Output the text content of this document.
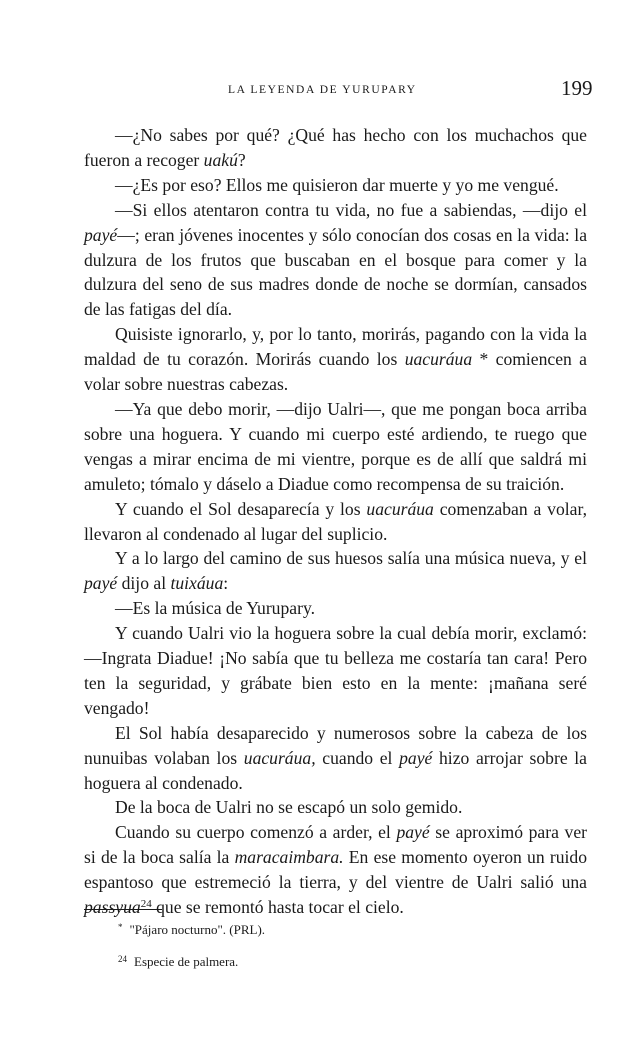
LA LEYENDA DE YURUPARY	199

—¿No sabes por qué? ¿Qué has hecho con los muchachos que fueron a recoger uakú?

—¿Es por eso? Ellos me quisieron dar muerte y yo me vengué.

—Si ellos atentaron contra tu vida, no fue a sabiendas, —dijo el payé—; eran jóvenes inocentes y sólo conocían dos cosas en la vida: la dulzura de los frutos que buscaban en el bosque para comer y la dulzura del seno de sus madres donde de noche se dormían, cansados de las fatigas del día.

Quisiste ignorarlo, y, por lo tanto, morirás, pagando con la vida la maldad de tu corazón. Morirás cuando los uacuráua * comiencen a volar sobre nuestras cabezas.

—Ya que debo morir, —dijo Ualri—, que me pongan boca arriba sobre una hoguera. Y cuando mi cuerpo esté ardiendo, te ruego que vengas a mirar encima de mi vientre, porque es de allí que saldrá mi amuleto; tómalo y dáselo a Diadue como recompensa de su traición.

Y cuando el Sol desaparecía y los uacuráua comenzaban a volar, llevaron al condenado al lugar del suplicio.

Y a lo largo del camino de sus huesos salía una música nueva, y el payé dijo al tuixáua:

—Es la música de Yurupary.

Y cuando Ualri vio la hoguera sobre la cual debía morir, exclamó: —Ingrata Diadue! ¡No sabía que tu belleza me costaría tan cara! Pero ten la seguridad, y grábate bien esto en la mente: ¡mañana seré vengado!

El Sol había desaparecido y numerosos sobre la cabeza de los nunuibas volaban los uacuráua, cuando el payé hizo arrojar sobre la hoguera al condenado.

De la boca de Ualri no se escapó un solo gemido.

Cuando su cuerpo comenzó a arder, el payé se aproximó para ver si de la boca salía la maracaimbara. En ese momento oyeron un ruido espantoso que estremeció la tierra, y del vientre de Ualri salió una passyua$^{24}$ que se remontó hasta tocar el cielo.

* "Pájaro nocturno". (PRL).

$^{24}$ Especie de palmera.
